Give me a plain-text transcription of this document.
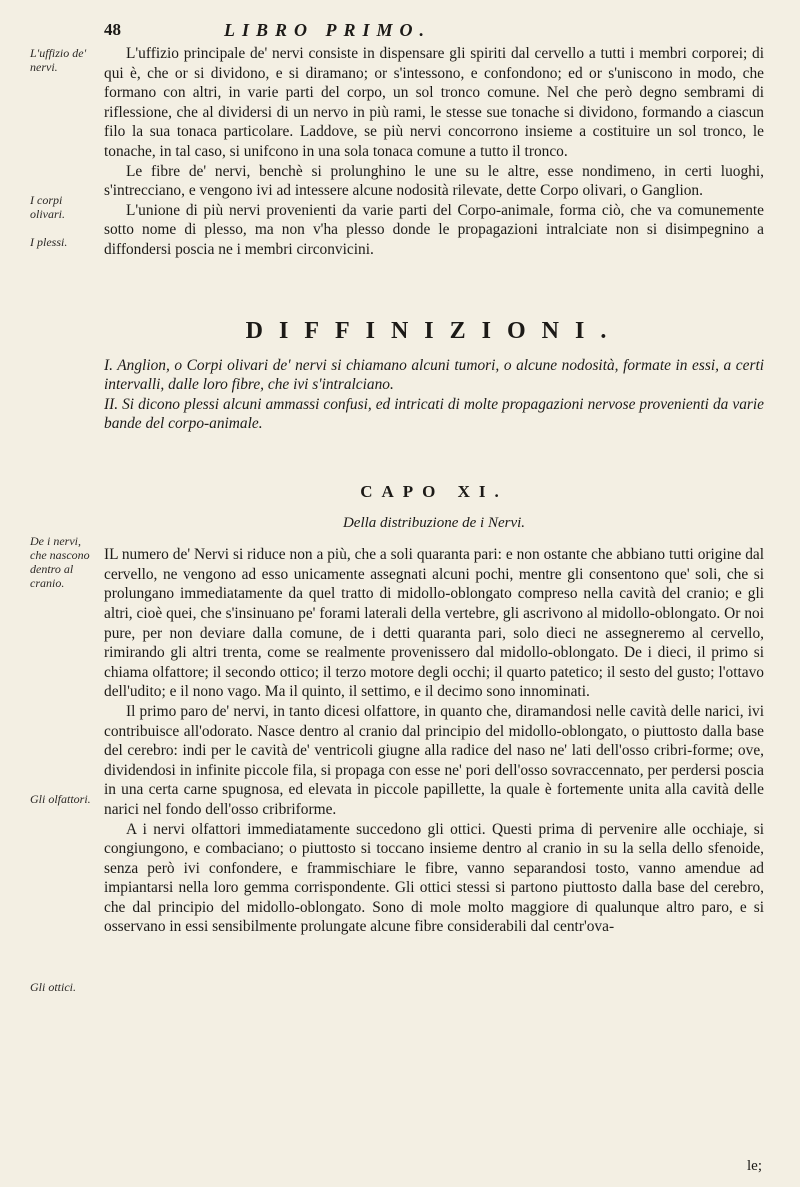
48	LIBRO PRIMO.
L'uffizio de' nervi.
I corpi olivari.
I plessi.
De i nervi, che nascono dentro al cranio.
Gli olfattori.
Gli ottici.

L'uffizio principale de' nervi consiste in dispensare gli spiriti dal cervello a tutti i membri corporei; di qui è, che or si dividono, e si diramano; or s'intessono, e confondono; ed or s'uniscono in modo, che formano con altri, in varie parti del corpo, un sol tronco comune. Nel che però degno sembrami di riflessione, che al dividersi di un nervo in più rami, le stesse sue tonache si dividono, formando a ciascun filo la sua tonaca particolare. Laddove, se più nervi concorrono insieme a costituire un sol tronco, le tonache, in tal caso, si unifcono in una sola tonaca comune a tutto il tronco.

Le fibre de' nervi, benchè si prolunghino le une su le altre, esse nondimeno, in certi luoghi, s'intrecciano, e vengono ivi ad intessere alcune nodosità rilevate, dette Corpo olivari, o Ganglion.

L'unione di più nervi provenienti da varie parti del Corpo-animale, forma ciò, che va comunemente sotto nome di plesso, ma non v'ha plesso donde le propagazioni intralciate non si disimpegnino a diffondersi poscia ne i membri circonvicini.

DIFFINIZIONI.

I. Anglion, o Corpi olivari de' nervi si chiamano alcuni tumori, o alcune nodosità, formate in essi, a certi intervalli, dalle loro fibre, che ivi s'intralciano.

II. Si dicono plessi alcuni ammassi confusi, ed intricati di molte propagazioni nervose provenienti da varie bande del corpo-animale.

CAPO XI.
Della distribuzione de i Nervi.

IL numero de' Nervi si riduce non a più, che a soli quaranta pari: e non ostante che abbiano tutti origine dal cervello, ne vengono ad esso unicamente assegnati alcuni pochi, mentre gli consentono que' soli, che si prolungano immediatamente da quel tratto di midollo-oblongato compreso nella cavità del cranio; e gli altri, cioè quei, che s'insinuano pe' forami laterali della vertebre, gli ascrivono al midollo-oblongato. Or noi pure, per non deviare dalla comune, de i detti quaranta pari, solo dieci ne assegneremo al cervello, rimirando gli altri trenta, come se realmente provenissero dal midollo-oblongato. De i dieci, il primo si chiama olfattore; il secondo ottico; il terzo motore degli occhi; il quarto patetico; il sesto del gusto; l'ottavo dell'udito; e il nono vago. Ma il quinto, il settimo, e il decimo sono innominati.

Il primo paro de' nervi, in tanto dicesi olfattore, in quanto che, diramandosi nelle cavità delle narici, ivi contribuisce all'odorato. Nasce dentro al cranio dal principio del midollo-oblongato, o piuttosto dalla base del cerebro: indi per le cavità de' ventricoli giugne alla radice del naso ne' lati dell'osso cribri-forme; ove, dividendosi in infinite piccole fila, si propaga con esse ne' pori dell'osso sovraccennato, per perdersi poscia in una certa carne spugnosa, ed elevata in piccole papillette, la quale è fortemente unita alla cavità delle narici nel fondo dell'osso cribriforme.

A i nervi olfattori immediatamente succedono gli ottici. Questi prima di pervenire alle occhiaje, si congiungono, e combaciano; o piuttosto si toccano insieme dentro al cranio in su la sella dello sfenoide, senza però ivi confondere, e frammischiare le fibre, vanno separandosi tosto, vanno amendue ad impiantarsi nella loro gemma corrispondente. Gli ottici stessi si partono piuttosto dalla base del cerebro, che dal principio del midollo-oblongato. Sono di mole molto maggiore di qualunque altro paro, e si osservano in essi sensibilmente prolungate alcune fibre considerabili dal centr'ova-

le;
